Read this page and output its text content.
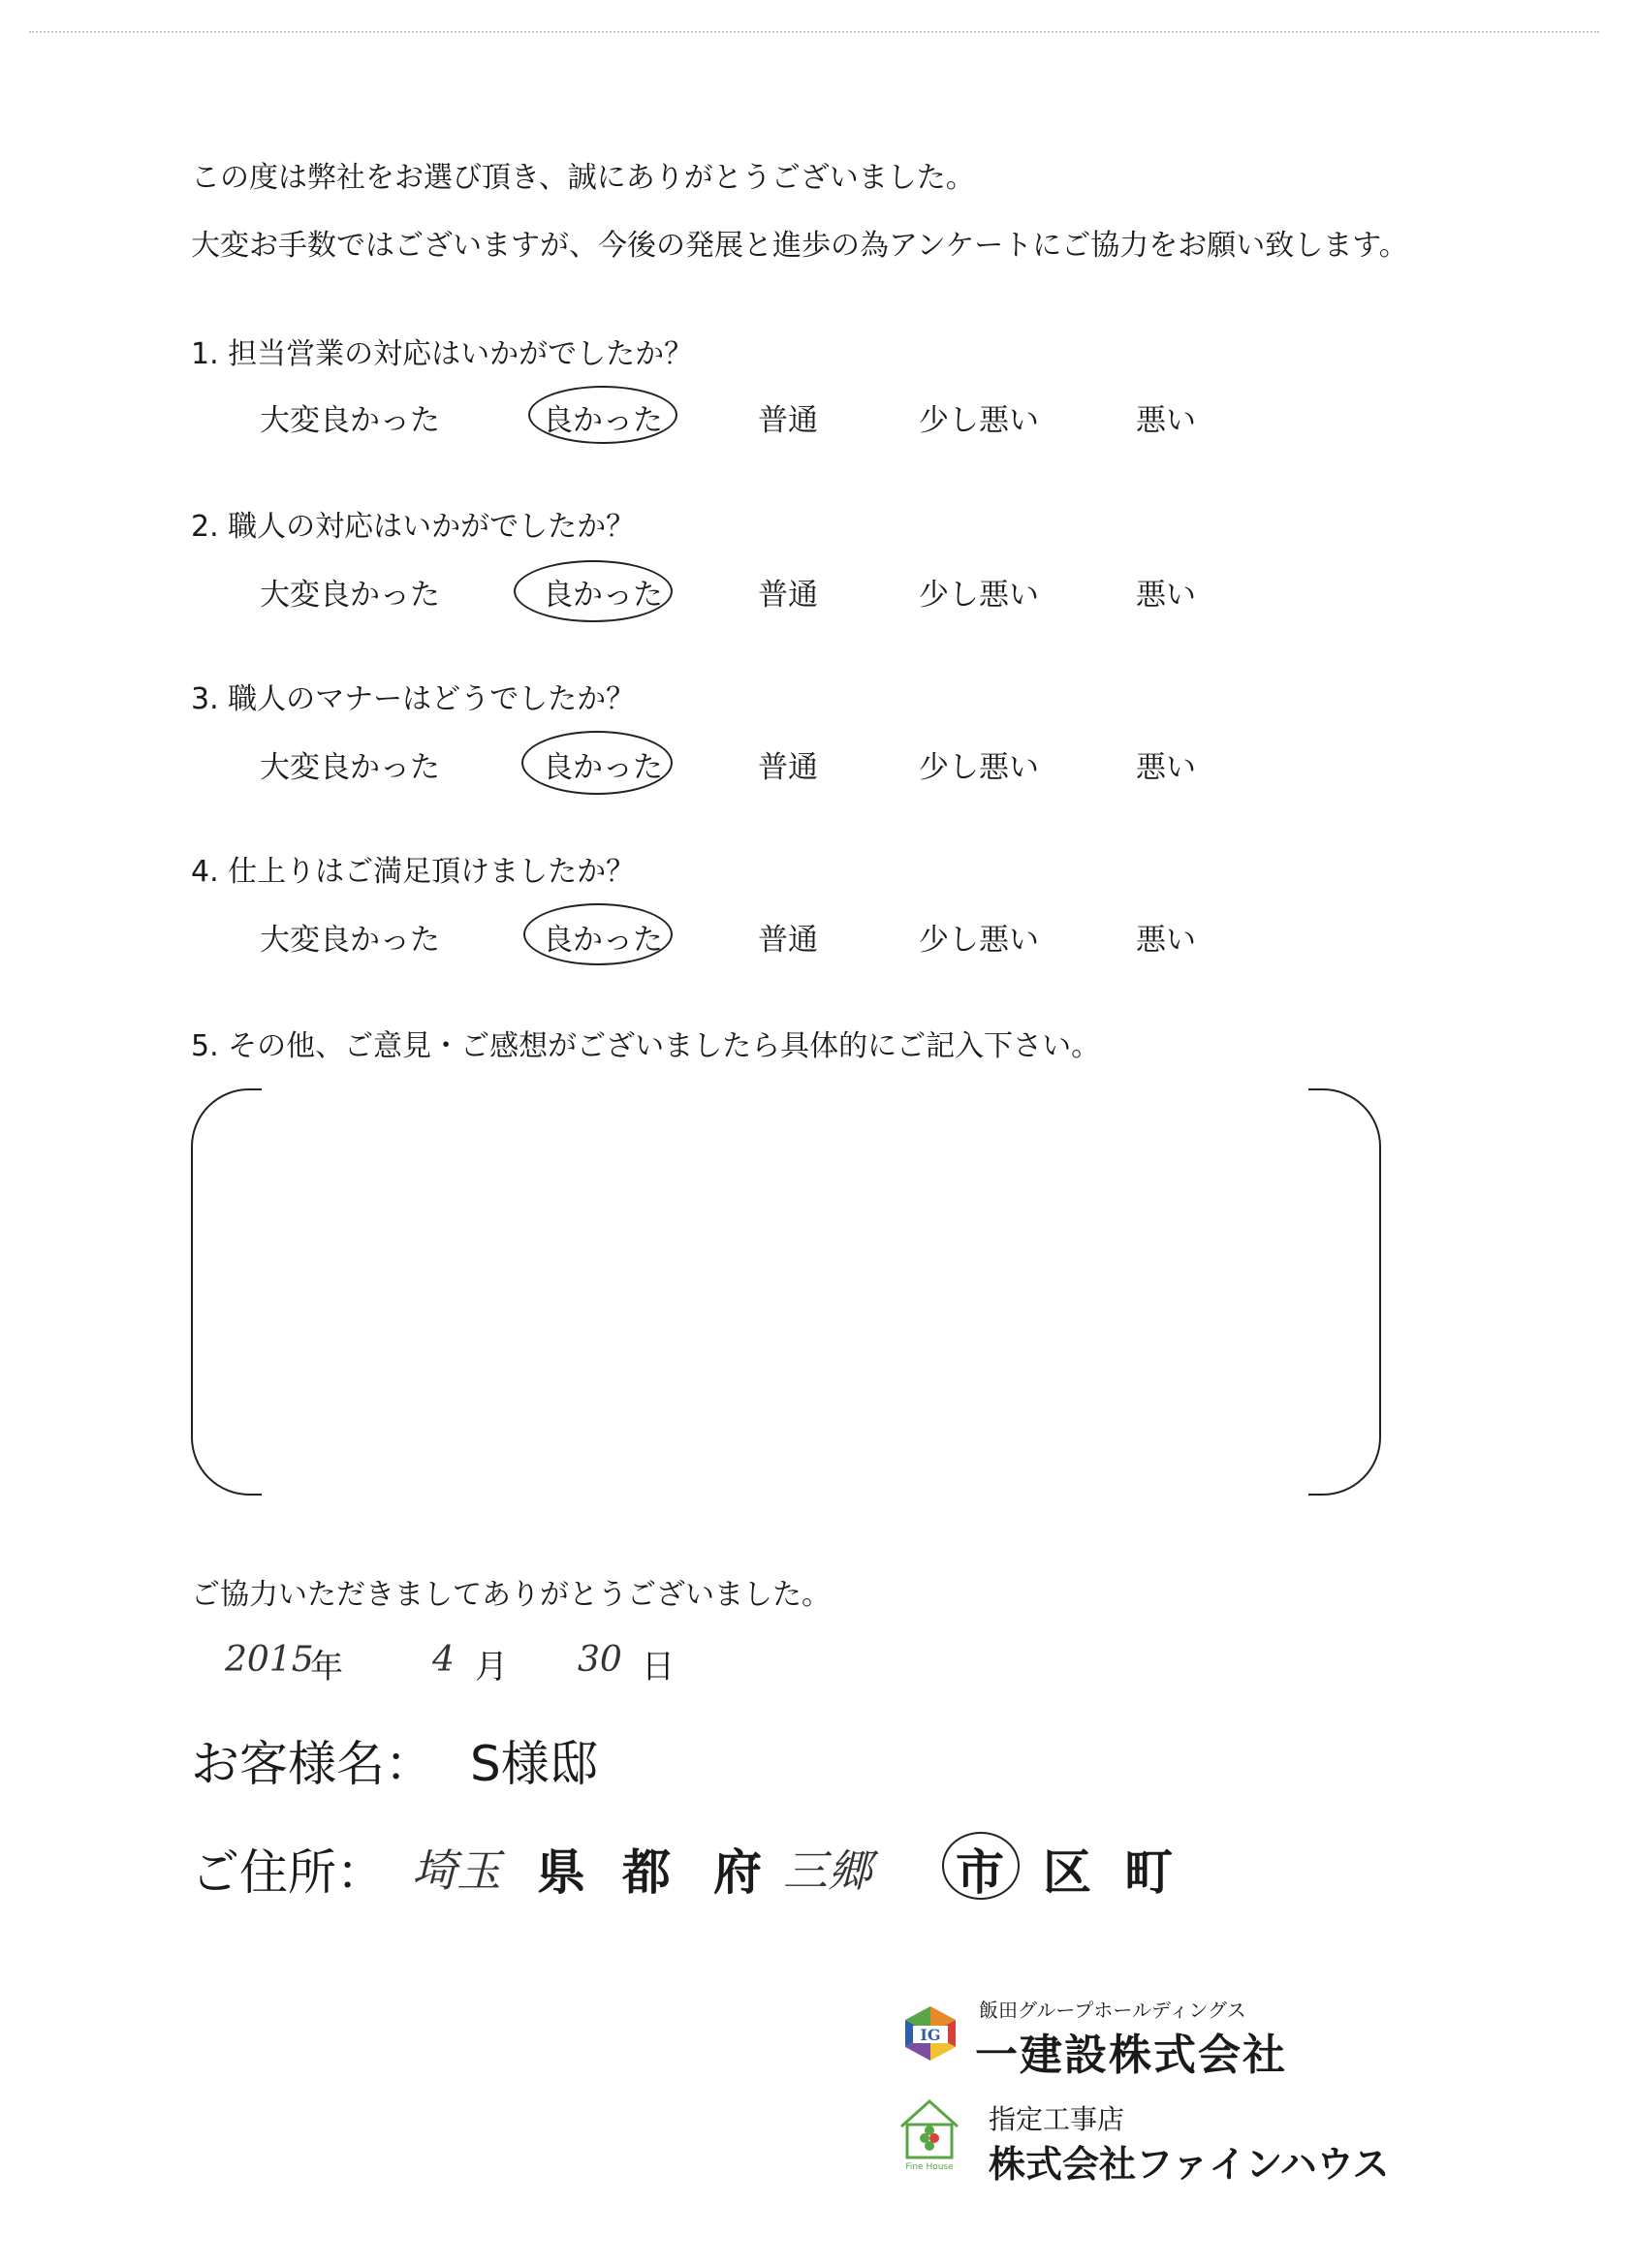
この度は弊社をお選び頂き、誠にありがとうございました。
大変お手数ではございますが、今後の発展と進歩の為アンケートにご協力をお願い致します。
1. 担当営業の対応はいかがでしたか？
大変良かった	良かった	普通	少し悪い	悪い
2. 職人の対応はいかがでしたか？
大変良かった	良かった	普通	少し悪い	悪い
3. 職人のマナーはどうでしたか？
大変良かった	良かった	普通	少し悪い	悪い
4. 仕上りはご満足頂けましたか？
大変良かった	良かった	普通	少し悪い	悪い
5. その他、ご意見・ご感想がございましたら具体的にご記入下さい。
ご協力いただきましてありがとうございました。
2015
年	4 月 30 日
お客様名： S様邸
ご住所： 埼玉 県 都 府 三郷 市 区 町
IG
飯田グループホールディングス
一建設株式会社
Fine House
指定工事店
株式会社ファインハウス
